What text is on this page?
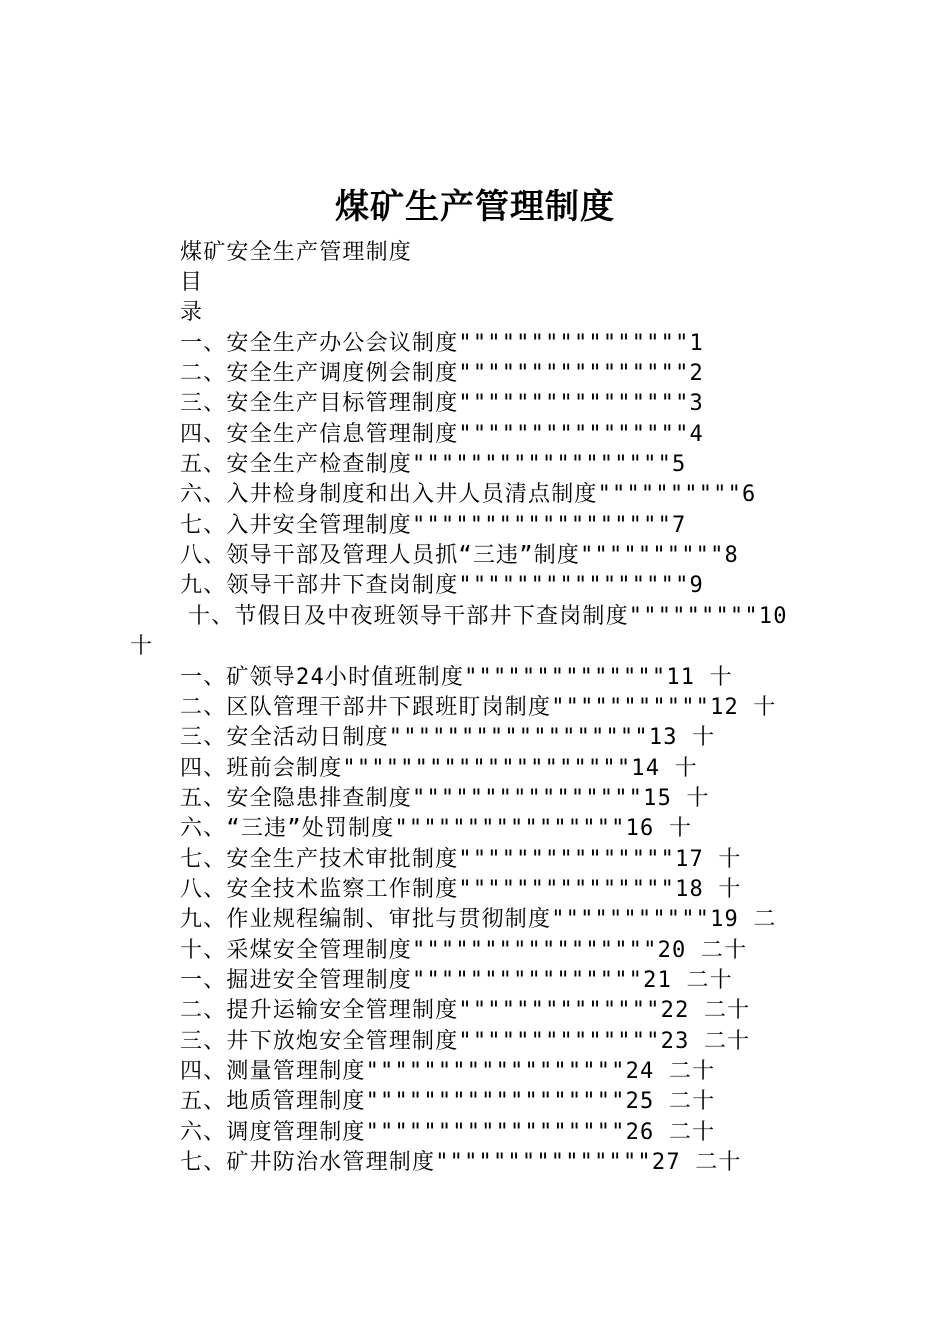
煤矿生产管理制度

煤矿安全生产管理制度

目

录

一、安全生产办公会议制度""""""""""""""""1

二、安全生产调度例会制度""""""""""""""""2

三、安全生产目标管理制度""""""""""""""""3

四、安全生产信息管理制度""""""""""""""""4

五、安全生产检查制度""""""""""""""""""5

六、入井检身制度和出入井人员清点制度""""""""""6

七、入井安全管理制度""""""""""""""""""7

八、领导干部及管理人员抓“三违”制度""""""""""8

九、领导干部井下查岗制度""""""""""""""""9

十、节假日及中夜班领导干部井下查岗制度"""""""""10

十

一、矿领导24小时值班制度""""""""""""""11 十

二、区队管理干部井下跟班盯岗制度"""""""""""12 十

三、安全活动日制度""""""""""""""""""13 十

四、班前会制度""""""""""""""""""""14 十

五、安全隐患排查制度""""""""""""""""15 十

六、“三违”处罚制度""""""""""""""""16 十

七、安全生产技术审批制度"""""""""""""""17 十

八、安全技术监察工作制度"""""""""""""""18 十

九、作业规程编制、审批与贯彻制度"""""""""""19 二

十、采煤安全管理制度"""""""""""""""""20 二十

一、掘进安全管理制度""""""""""""""""21 二十

二、提升运输安全管理制度""""""""""""""22 二十

三、井下放炮安全管理制度""""""""""""""23 二十

四、测量管理制度""""""""""""""""""24 二十

五、地质管理制度""""""""""""""""""25 二十

六、调度管理制度""""""""""""""""""26 二十

七、矿井防治水管理制度"""""""""""""""27 二十
